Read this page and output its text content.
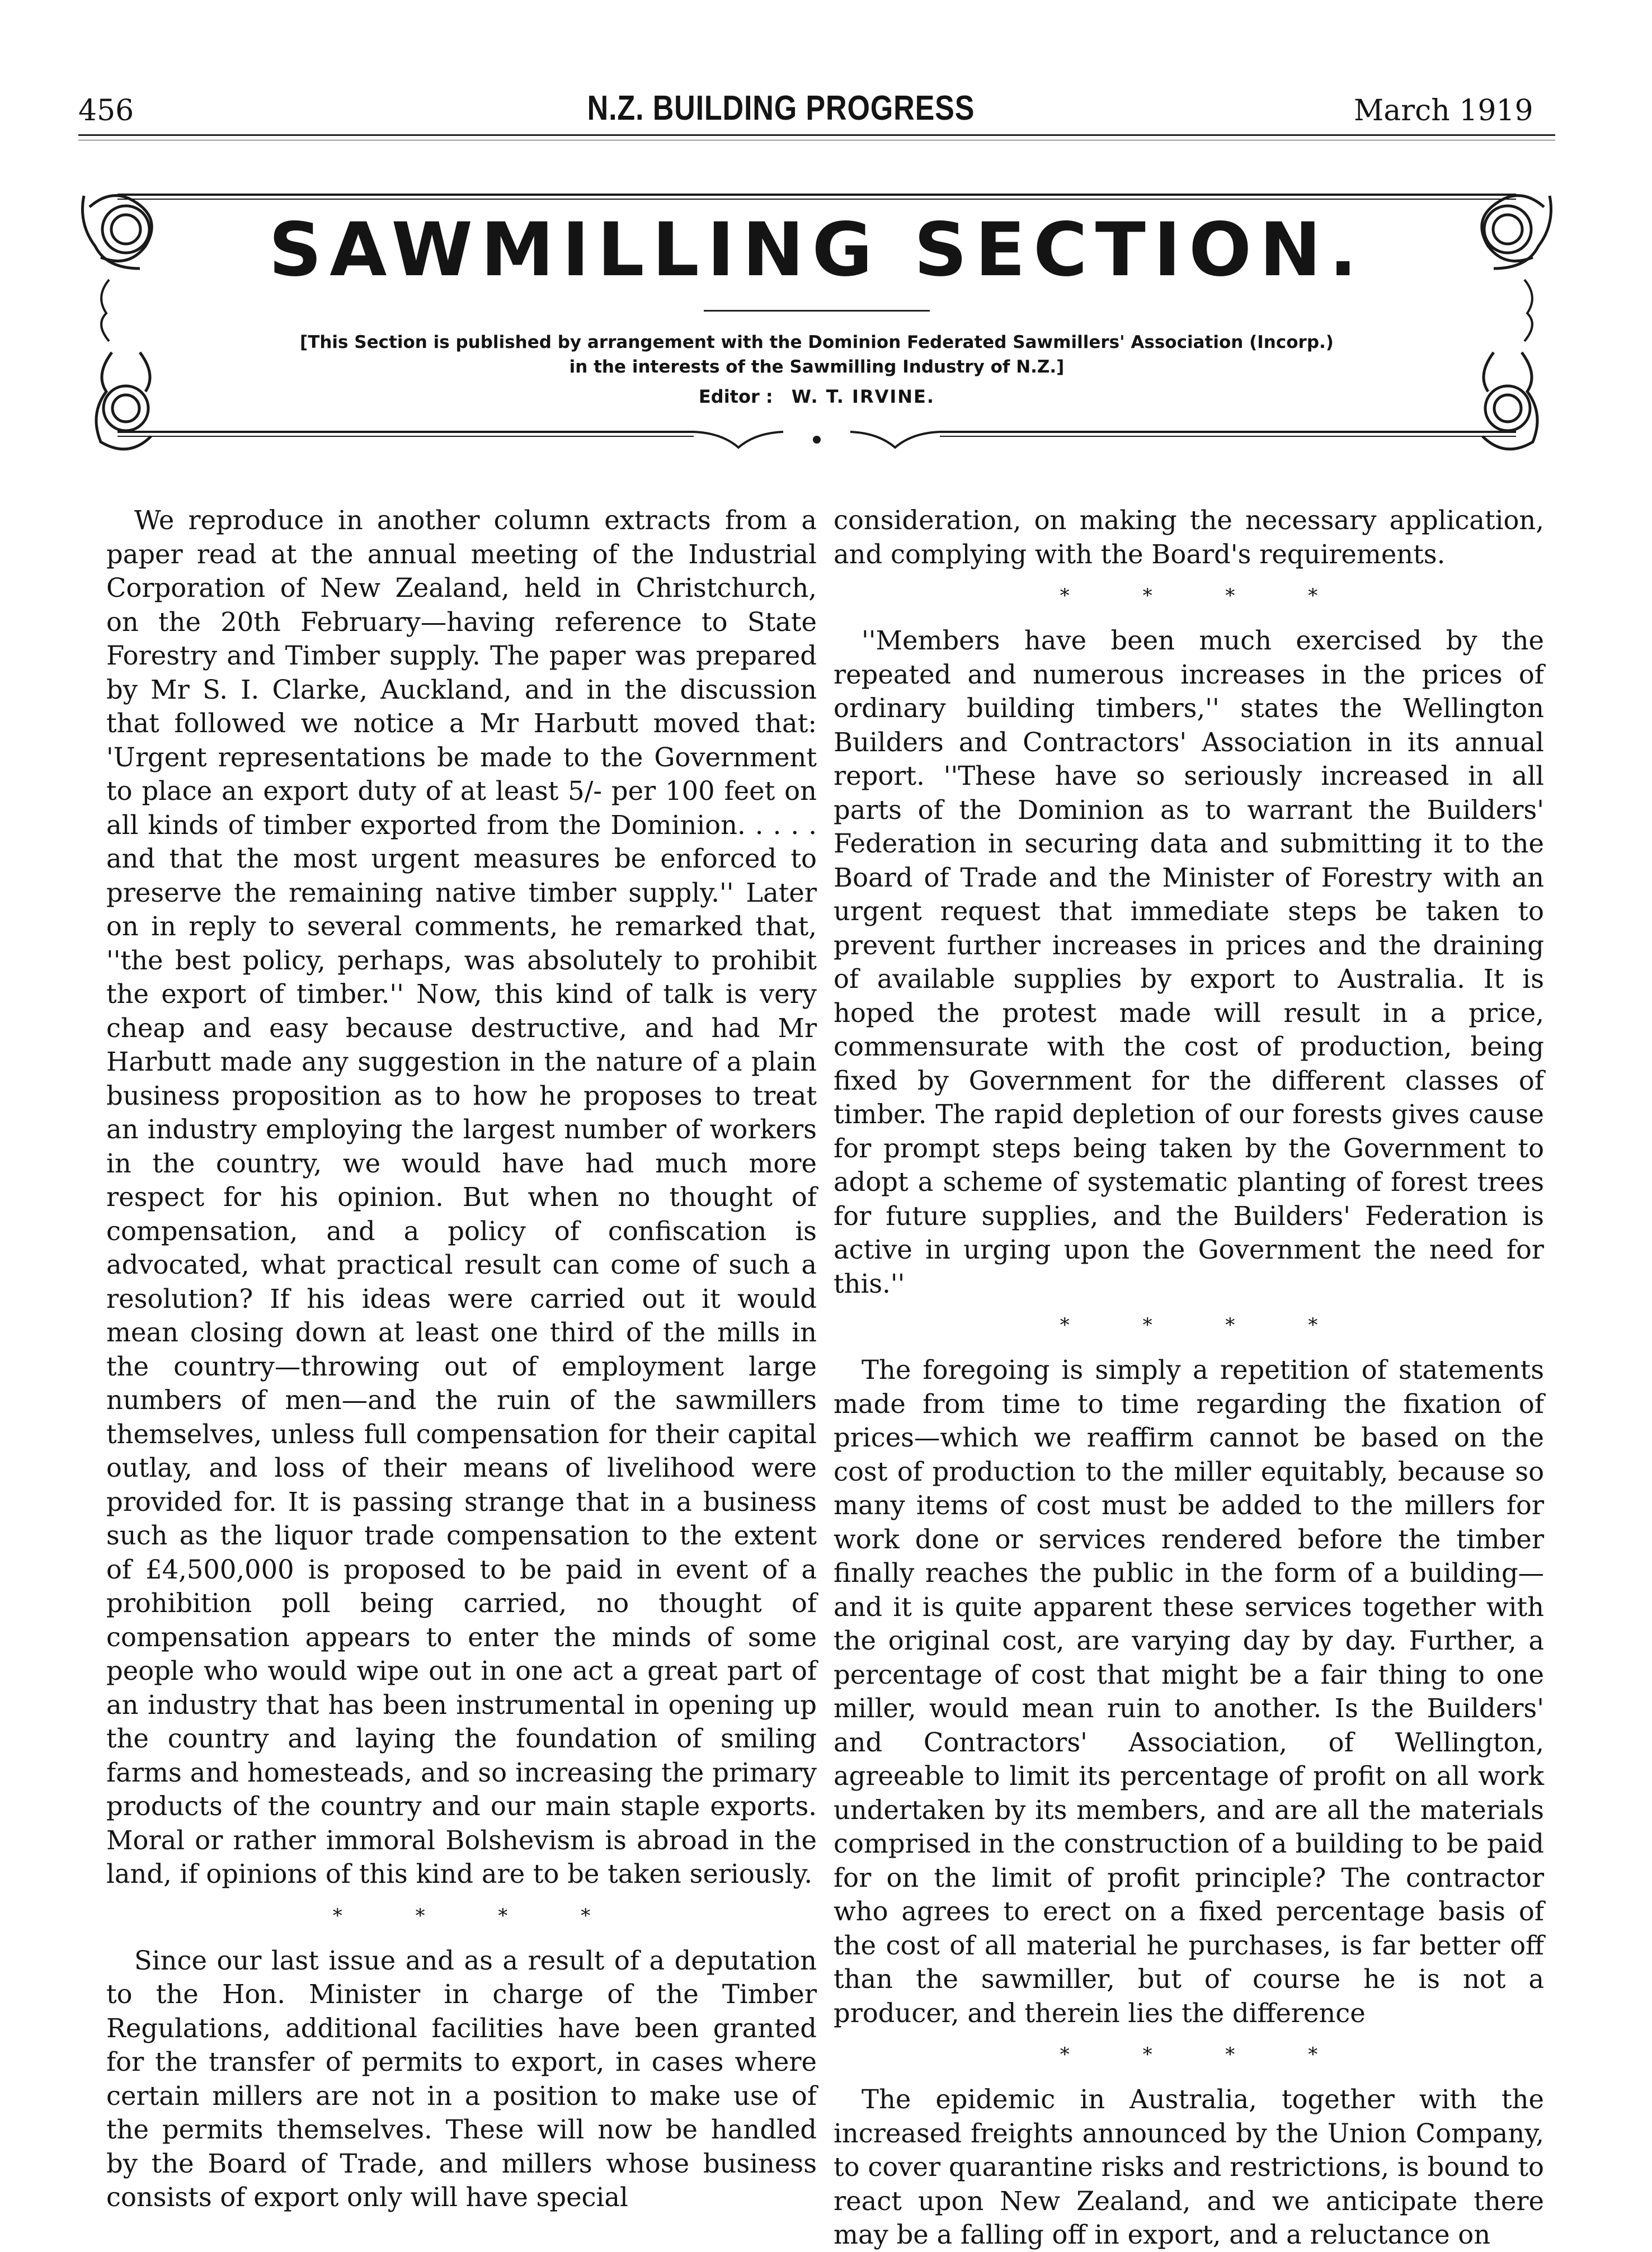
456	N.Z. BUILDING PROGRESS	March 1919
SAWMILLING SECTION.
[This Section is published by arrangement with the Dominion Federated Sawmillers' Association (Incorp.) in the interests of the Sawmilling Industry of N.Z.]
Editor : W. T. IRVINE.

We reproduce in another column extracts from a paper read at the annual meeting of the Industrial Corporation of New Zealand, held in Christchurch, on the 20th February—having reference to State Forestry and Timber supply. The paper was prepared by Mr S. I. Clarke, Auckland, and in the discussion that followed we notice a Mr Harbutt moved that: 'Urgent representations be made to the Government to place an export duty of at least 5/- per 100 feet on all kinds of timber exported from the Dominion. . . . . and that the most urgent measures be enforced to preserve the remaining native timber supply.'' Later on in reply to several comments, he remarked that, ''the best policy, perhaps, was absolutely to prohibit the export of timber.'' Now, this kind of talk is very cheap and easy because destructive, and had Mr Harbutt made any suggestion in the nature of a plain business proposition as to how he proposes to treat an industry employing the largest number of workers in the country, we would have had much more respect for his opinion. But when no thought of compensation, and a policy of confiscation is advocated, what practical result can come of such a resolution? If his ideas were carried out it would mean closing down at least one third of the mills in the country—throwing out of employment large numbers of men—and the ruin of the sawmillers themselves, unless full compensation for their capital outlay, and loss of their means of livelihood were provided for. It is passing strange that in a business such as the liquor trade compensation to the extent of £4,500,000 is proposed to be paid in event of a prohibition poll being carried, no thought of compensation appears to enter the minds of some people who would wipe out in one act a great part of an industry that has been instrumental in opening up the country and laying the foundation of smiling farms and homesteads, and so increasing the primary products of the country and our main staple exports. Moral or rather immoral Bolshevism is abroad in the land, if opinions of this kind are to be taken seriously.

* * * *

Since our last issue and as a result of a deputation to the Hon. Minister in charge of the Timber Regulations, additional facilities have been granted for the transfer of permits to export, in cases where certain millers are not in a position to make use of the permits themselves. These will now be handled by the Board of Trade, and millers whose business consists of export only will have special

consideration, on making the necessary application, and complying with the Board's requirements.

* * * *

''Members have been much exercised by the repeated and numerous increases in the prices of ordinary building timbers,'' states the Wellington Builders and Contractors' Association in its annual report. ''These have so seriously increased in all parts of the Dominion as to warrant the Builders' Federation in securing data and submitting it to the Board of Trade and the Minister of Forestry with an urgent request that immediate steps be taken to prevent further increases in prices and the draining of available supplies by export to Australia. It is hoped the protest made will result in a price, commensurate with the cost of production, being fixed by Government for the different classes of timber. The rapid depletion of our forests gives cause for prompt steps being taken by the Government to adopt a scheme of systematic planting of forest trees for future supplies, and the Builders' Federation is active in urging upon the Government the need for this.''

* * * *

The foregoing is simply a repetition of statements made from time to time regarding the fixation of prices—which we reaffirm cannot be based on the cost of production to the miller equitably, because so many items of cost must be added to the millers for work done or services rendered before the timber finally reaches the public in the form of a building—and it is quite apparent these services together with the original cost, are varying day by day. Further, a percentage of cost that might be a fair thing to one miller, would mean ruin to another. Is the Builders' and Contractors' Association, of Wellington, agreeable to limit its percentage of profit on all work undertaken by its members, and are all the materials comprised in the construction of a building to be paid for on the limit of profit principle? The contractor who agrees to erect on a fixed percentage basis of the cost of all material he purchases, is far better off than the sawmiller, but of course he is not a producer, and therein lies the difference

* * * *

The epidemic in Australia, together with the increased freights announced by the Union Company, to cover quarantine risks and restrictions, is bound to react upon New Zealand, and we anticipate there may be a falling off in export, and a reluctance on
